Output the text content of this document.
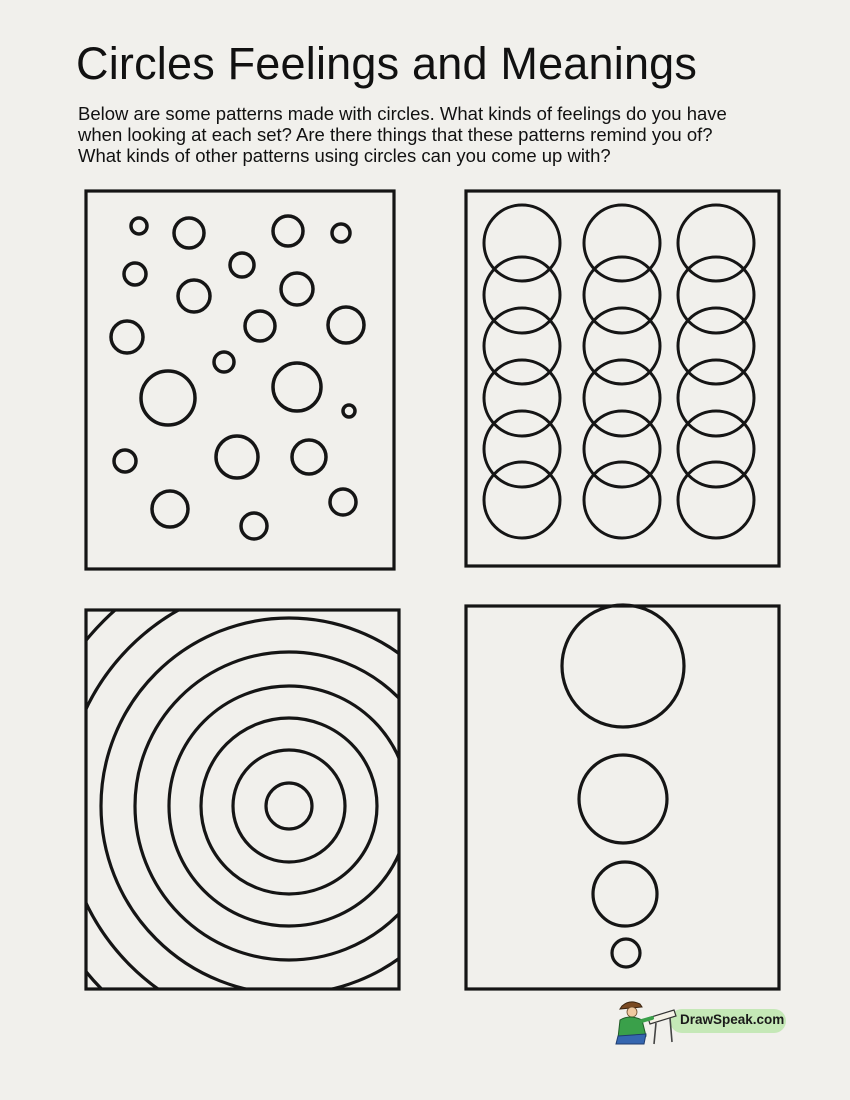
Circles Feelings and Meanings
Below are some patterns made with circles. What kinds of feelings do you have
when looking at each set? Are there things that these patterns remind you of?
What kinds of other patterns using circles can you come up with?
DrawSpeak.com
